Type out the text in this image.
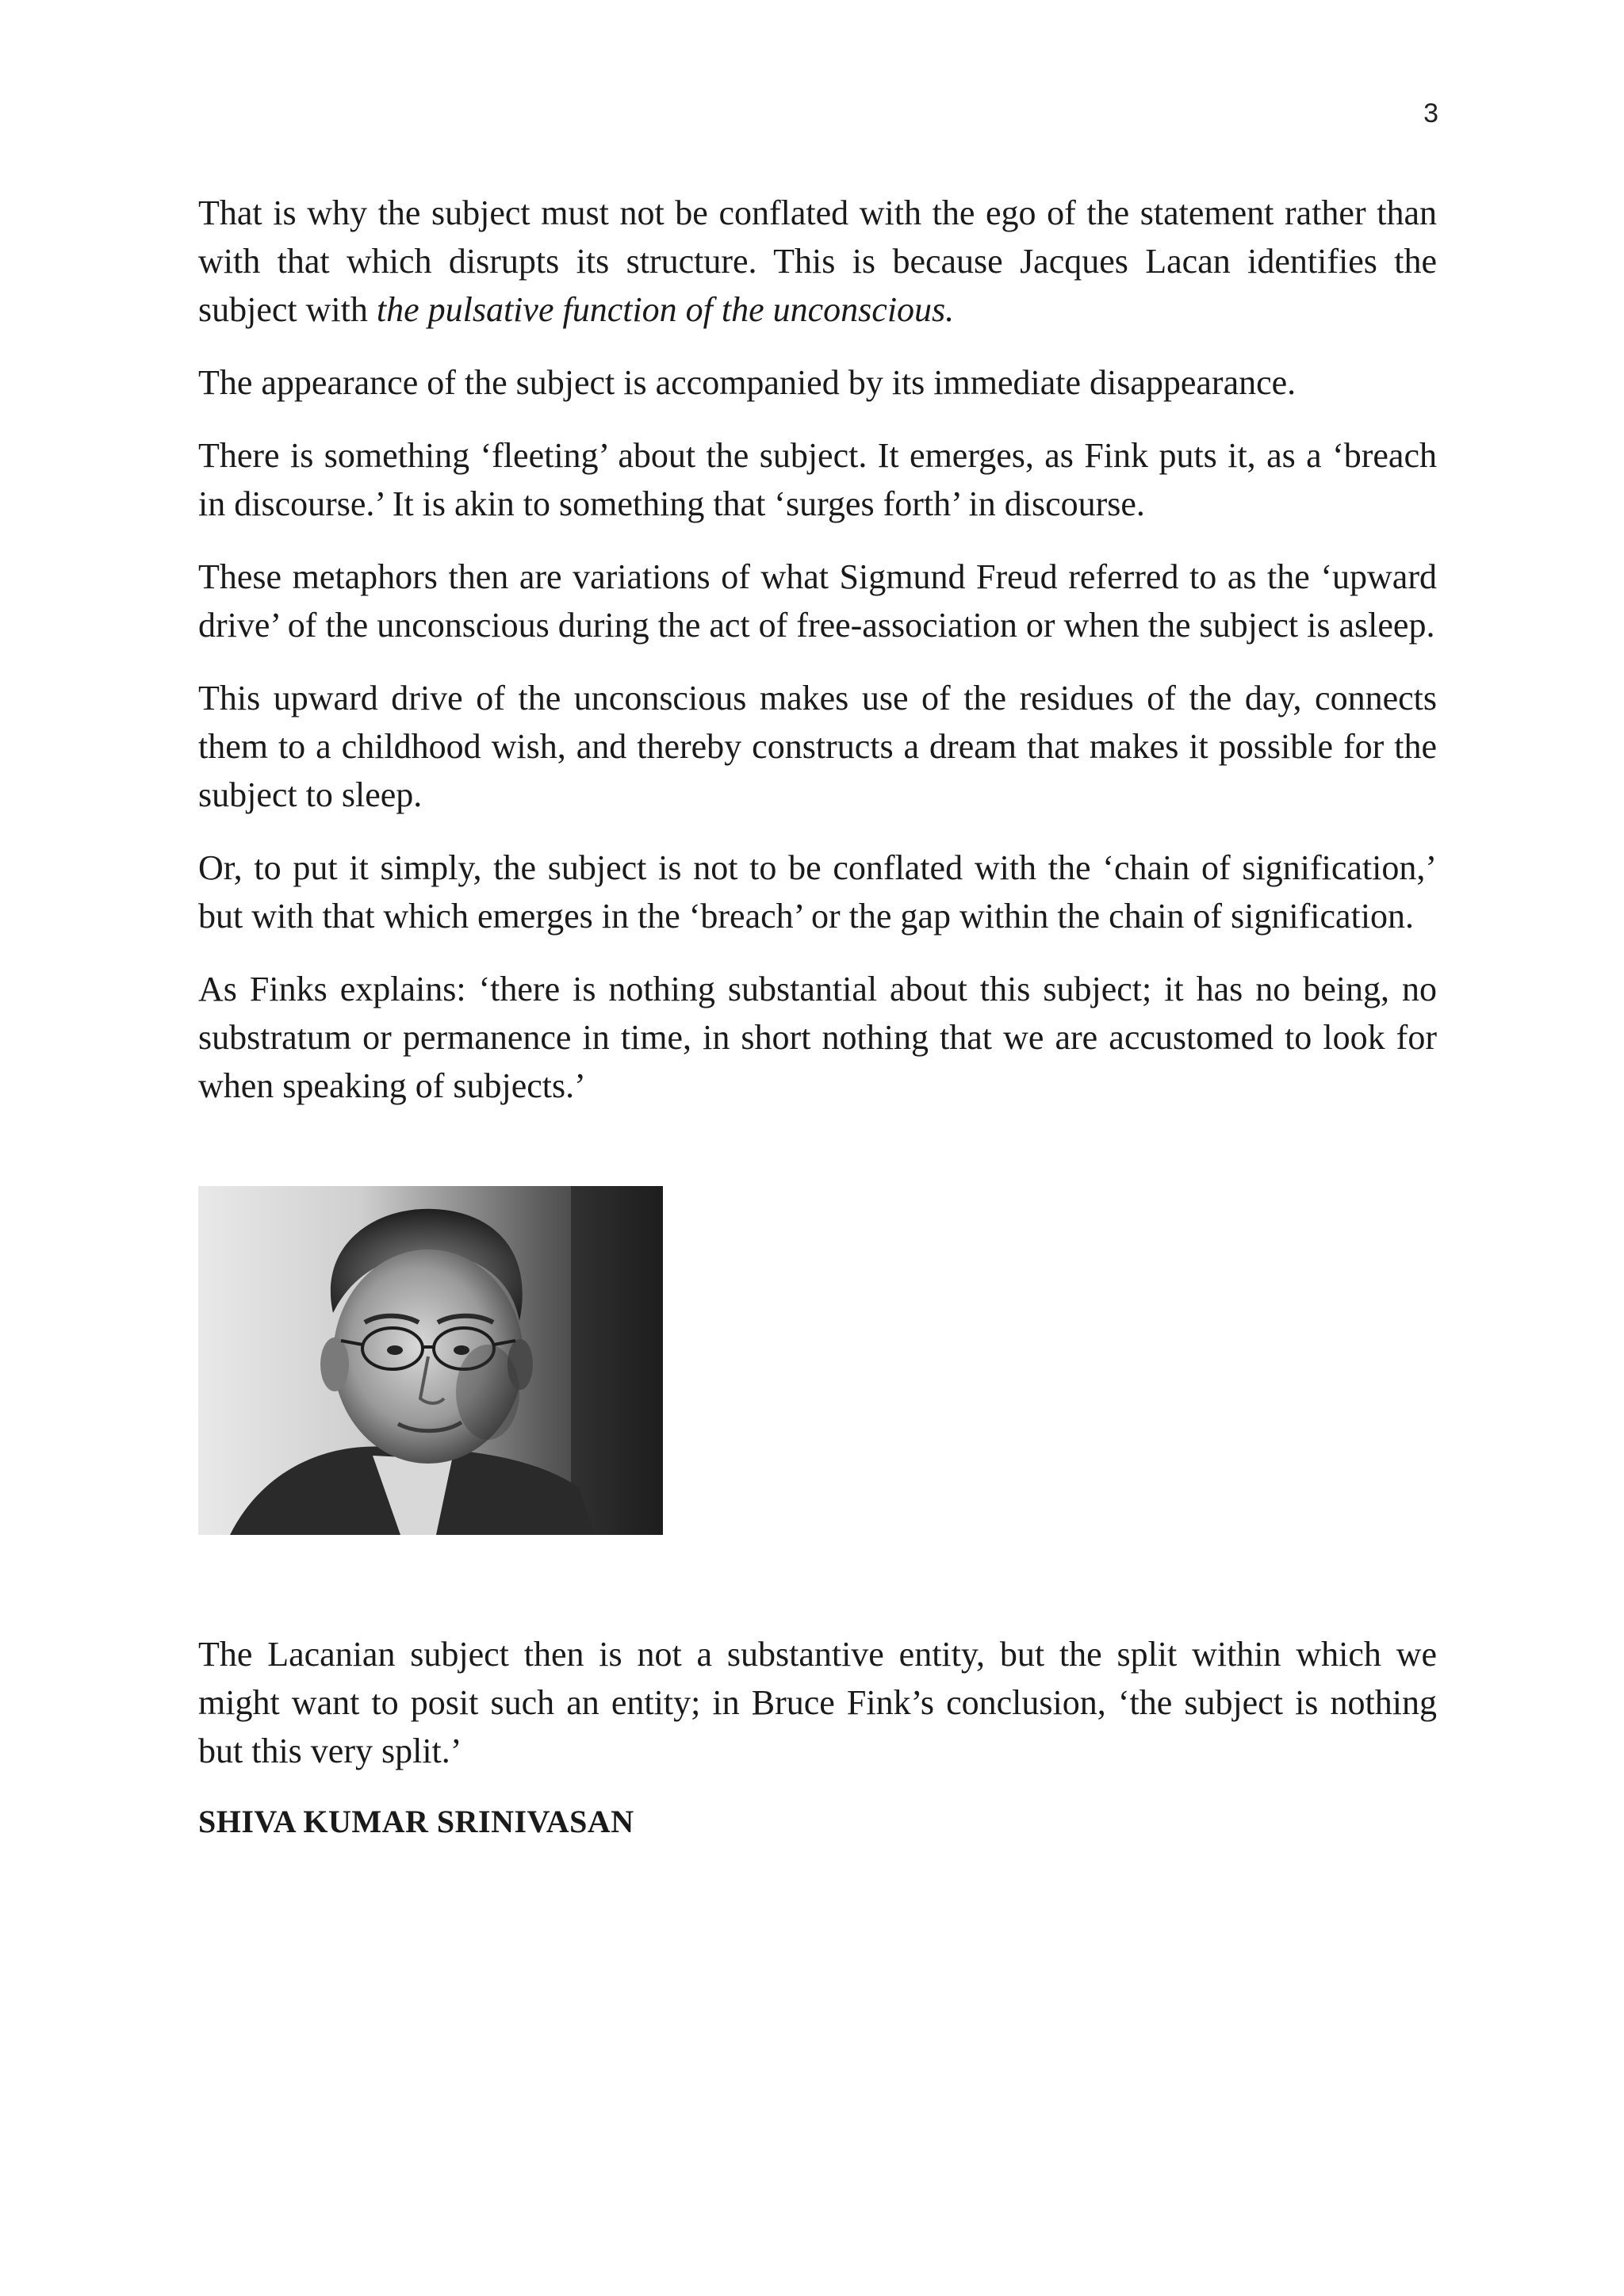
3

That is why the subject must not be conflated with the ego of the statement rather than with that which disrupts its structure. This is because Jacques Lacan identifies the subject with the pulsative function of the unconscious.

The appearance of the subject is accompanied by its immediate disappearance.

There is something ‘fleeting’ about the subject. It emerges, as Fink puts it, as a ‘breach in discourse.’ It is akin to something that ‘surges forth’ in discourse.

These metaphors then are variations of what Sigmund Freud referred to as the ‘upward drive’ of the unconscious during the act of free-association or when the subject is asleep.

This upward drive of the unconscious makes use of the residues of the day, connects them to a childhood wish, and thereby constructs a dream that makes it possible for the subject to sleep.

Or, to put it simply, the subject is not to be conflated with the ‘chain of signification,’ but with that which emerges in the ‘breach’ or the gap within the chain of signification.

As Finks explains: ‘there is nothing substantial about this subject; it has no being, no substratum or permanence in time, in short nothing that we are accustomed to look for when speaking of subjects.’

The Lacanian subject then is not a substantive entity, but the split within which we might want to posit such an entity; in Bruce Fink’s conclusion, ‘the subject is nothing but this very split.’

SHIVA KUMAR SRINIVASAN
